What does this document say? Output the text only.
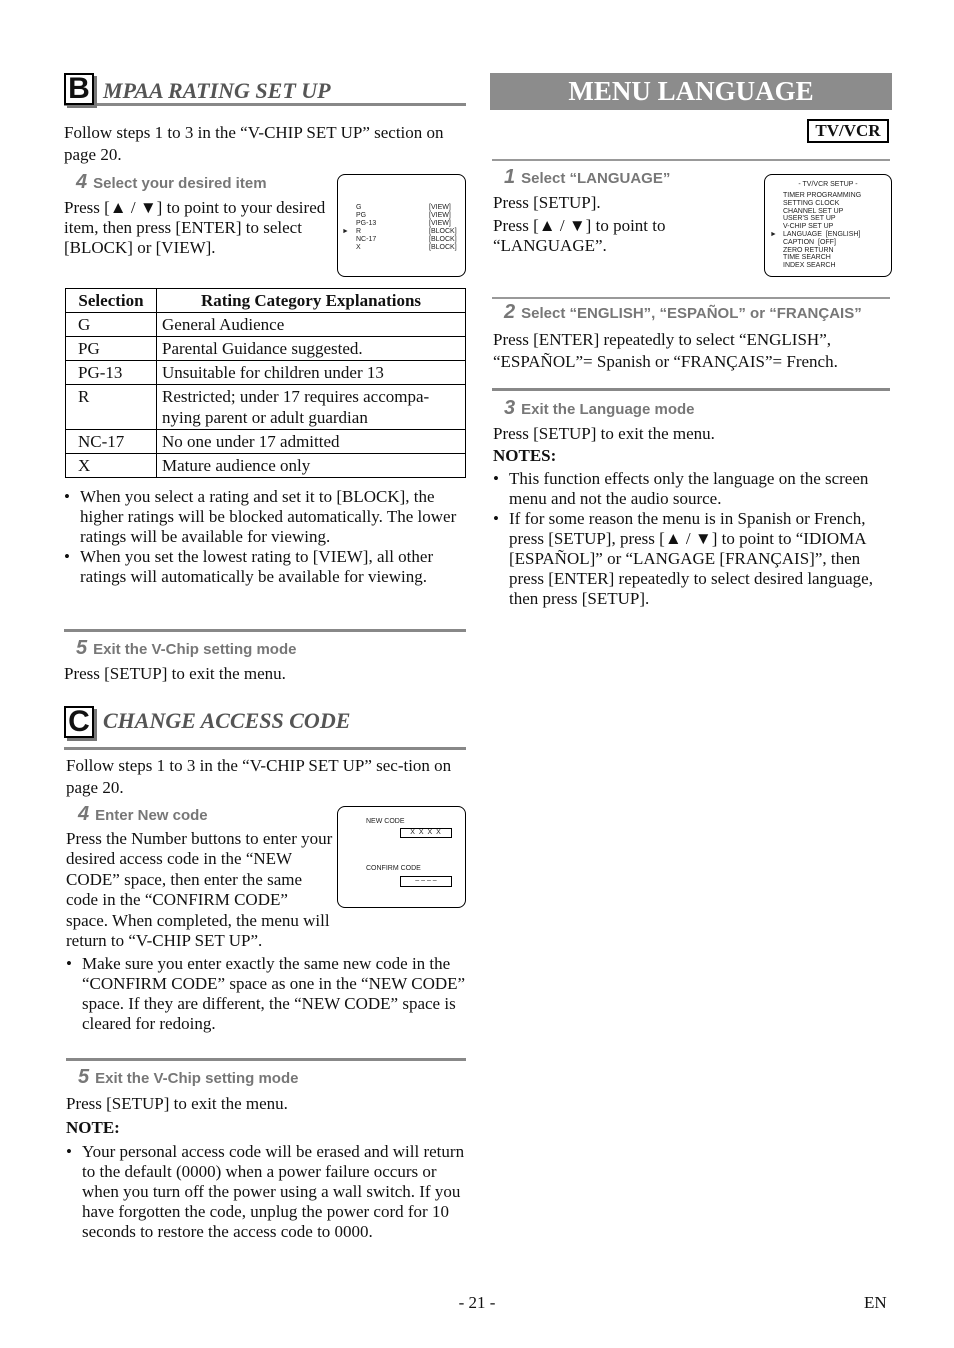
B MPAA RATING SET UP
Follow steps 1 to 3 in the “V-CHIP SET UP” section on page 20.
4 Select your desired item
Press [▲ / ▼] to point to your desired item, then press [ENTER] to select [BLOCK] or [VIEW].
G	[VIEW]
PG	[VIEW]
PG-13	[VIEW]
► R	[BLOCK]
NC-17	[BLOCK]
X	[BLOCK]
Selection	Rating Category Explanations
G	General Audience
PG	Parental Guidance suggested.
PG-13	Unsuitable for children under 13
R	Restricted; under 17 requires accompa-nying parent or adult guardian
NC-17	No one under 17 admitted
X	Mature audience only
• When you select a rating and set it to [BLOCK], the higher ratings will be blocked automatically. The lower ratings will be available for viewing.
• When you set the lowest rating to [VIEW], all other ratings will automatically be available for viewing.
5 Exit the V-Chip setting mode
Press [SETUP] to exit the menu.
C CHANGE ACCESS CODE
Follow steps 1 to 3 in the “V-CHIP SET UP” sec-tion on page 20.
4 Enter New code	NEW CODE
X X X X
CONFIRM CODE
– – – –
Press the Number buttons to enter your desired access code in the “NEW CODE” space, then enter the same code in the “CONFIRM CODE” space. When completed, the menu will return to “V-CHIP SET UP”.
• Make sure you enter exactly the same new code in the “CONFIRM CODE” space as one in the “NEW CODE” space. If they are different, the “NEW CODE” space is cleared for redoing.
5 Exit the V-Chip setting mode
Press [SETUP] to exit the menu.
NOTE:
• Your personal access code will be erased and will return to the default (0000) when a power failure occurs or when you turn off the power using a wall switch. If you have forgotten the code, unplug the power cord for 10 seconds to restore the access code to 0000.
MENU LANGUAGE
TV/VCR
1 Select “LANGUAGE”
Press [SETUP].
Press [▲ / ▼] to point to “LANGUAGE”.
- TV/VCR SETUP -
TIMER PROGRAMMING
SETTING CLOCK
CHANNEL SET UP
USER'S SET UP
V-CHIP SET UP
► LANGUAGE  [ENGLISH]
CAPTION  [OFF]
ZERO RETURN
TIME SEARCH
INDEX SEARCH
2 Select “ENGLISH”, “ESPAÑOL” or “FRANÇAIS”
Press [ENTER] repeatedly to select “ENGLISH”, “ESPAÑOL”= Spanish or “FRANÇAIS”= French.
3 Exit the Language mode
Press [SETUP] to exit the menu.
NOTES:
• This function effects only the language on the screen menu and not the audio source.
• If for some reason the menu is in Spanish or French, press [SETUP], press [▲ / ▼] to point to “IDIOMA [ESPAÑOL]” or “LANGAGE [FRANÇAIS]”, then press [ENTER] repeatedly to select desired language, then press [SETUP].
- 21 -	EN
